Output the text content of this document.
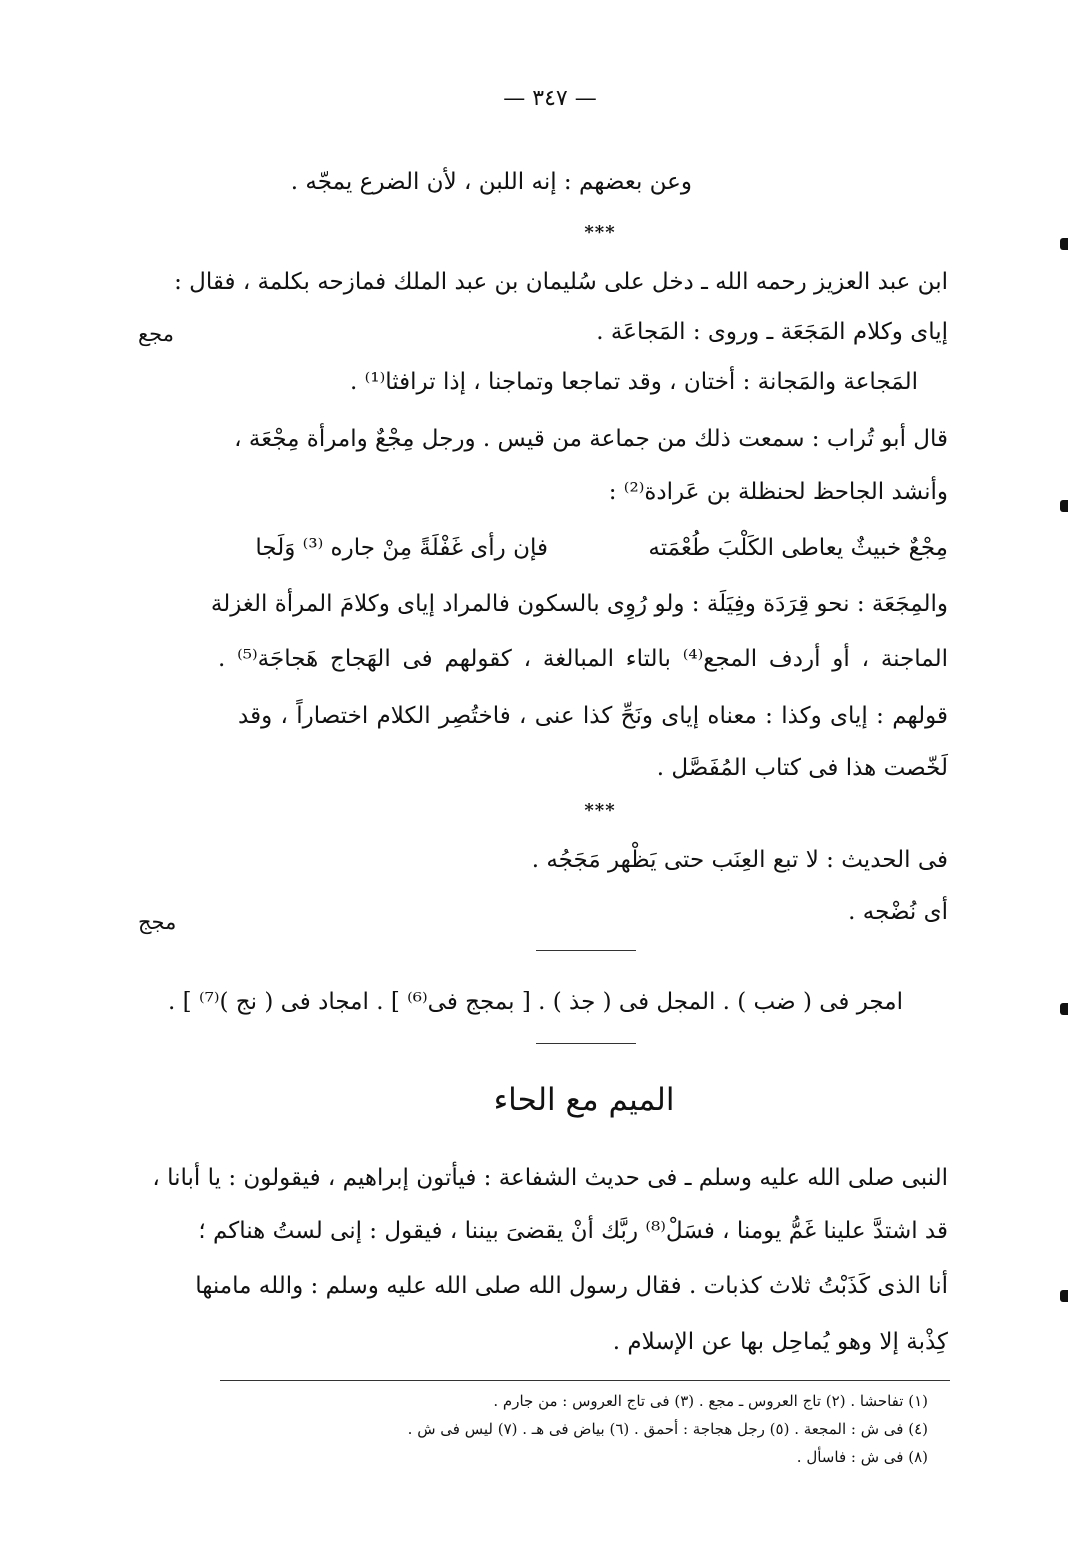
— ٣٤٧ —
وعن بعضهم : إنه اللبن ، لأن الضرع يمجّه .
***
ابن عبد العزيز رحمه الله ـ دخل على سُليمان بن عبد الملك فمازحه بكلمة ، فقال :
مجع	إياى وكلام المَجَعَة ـ وروى : المَجاعَة .
المَجاعة والمَجانة : أختان ، وقد تماجعا وتماجنا ، إذا ترافثا⁽¹⁾ .
قال أبو تُراب : سمعت ذلك من جماعة من قيس . ورجل مِجْعٌ وامرأة مِجْعَة ،
وأنشد الجاحظ لحنظلة بن عَرادة⁽²⁾ :
مِجْعٌ خبيثٌ يعاطى الكَلْبَ طُعْمَته
فإن رأى غَفْلَةً مِنْ جاره ⁽³⁾ وَلَجا
والمِجَعَة : نحو قِرَدَة وفِيَلَة : ولو رُوِى بالسكون فالمراد إياى وكلامَ المرأة الغزلة
الماجنة ، أو أردف المجع⁽⁴⁾ بالتاء المبالغة ، كقولهم فى الهَجاج هَجاجَة⁽⁵⁾ .
قولهم : إياى وكذا : معناه إياى ونَحِّ كذا عنى ، فاختُصِر الكلام اختصاراً ، وقد
لَخّصت هذا فى كتاب المُفَصَّل .
***
فى الحديث : لا تبع العِنَب حتى يَظْهر مَجَجُه .
مجج	أى نُضْجه .
امجر فى ( ضب ) . المجل فى ( جذ ) . [ بمجج فى⁽⁶⁾ ] . امجاد فى ( نج )⁽⁷⁾ ] .
الميم مع الحاء
النبى صلى الله عليه وسلم ـ فى حديث الشفاعة : فيأتون إبراهيم ، فيقولون : يا أبانا ،
قد اشتدَّ علينا غَمُّ يومنا ، فسَلْ⁽⁸⁾ ربَّك أنْ يقضىَ بيننا ، فيقول : إنى لستُ هناكم ؛
أنا الذى كَذَبْتُ ثلاث كذبات . فقال رسول الله صلى الله عليه وسلم : والله مامنها
كِذْبة إلا وهو يُماحِل بها عن الإسلام .
(١) تفاحشا . (٢) تاج العروس ـ مجع . (٣) فى تاج العروس : من جارم .
(٤) فى ش : المجعة . (٥) رجل هجاجة : أحمق . (٦) بياض فى هـ . (٧) ليس فى ش .
(٨) فى ش : فاسأل .
